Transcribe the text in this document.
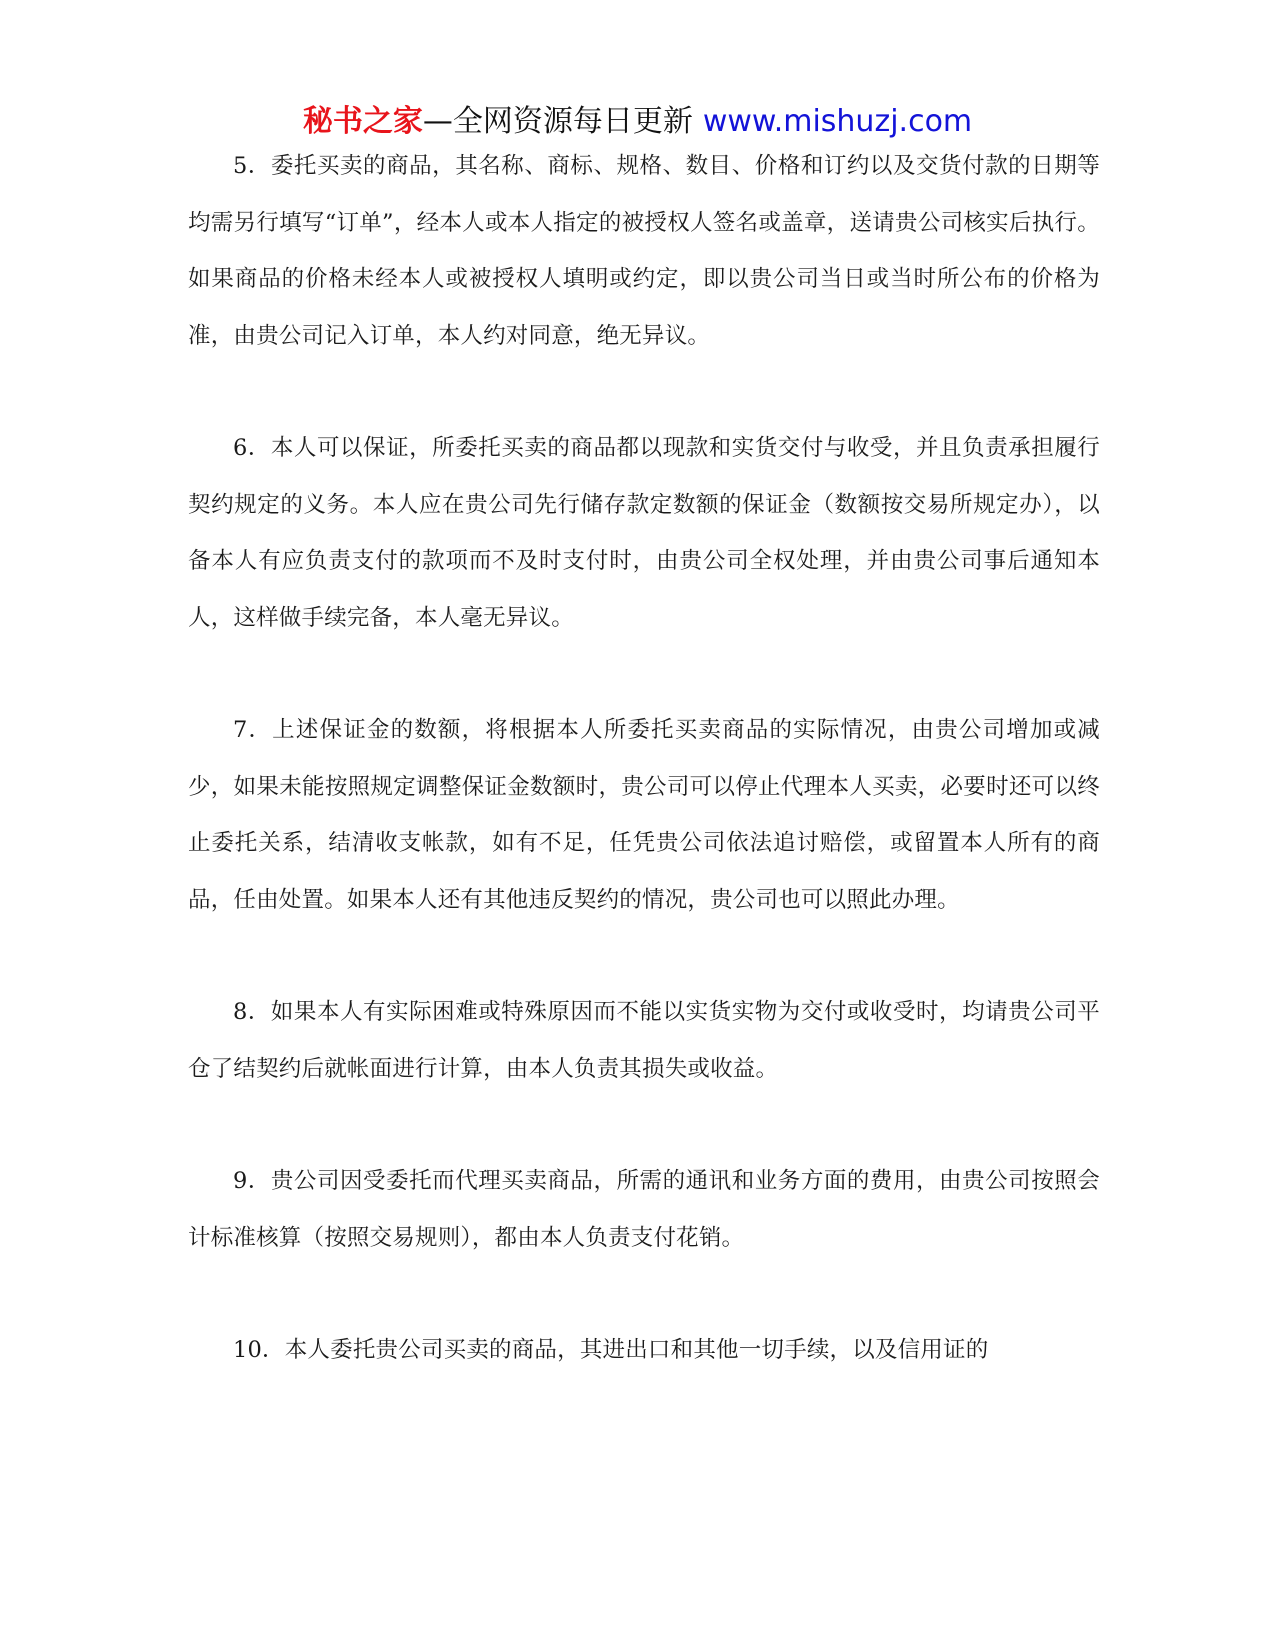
秘书之家—全网资源每日更新 www.mishuzj.com

5．委托买卖的商品，其名称、商标、规格、数目、价格和订约以及交货付款的日期等均需另行填写“订单”，经本人或本人指定的被授权人签名或盖章，送请贵公司核实后执行。如果商品的价格未经本人或被授权人填明或约定，即以贵公司当日或当时所公布的价格为准，由贵公司记入订单，本人约对同意，绝无异议。

6．本人可以保证，所委托买卖的商品都以现款和实货交付与收受，并且负责承担履行契约规定的义务。本人应在贵公司先行储存款定数额的保证金（数额按交易所规定办），以备本人有应负责支付的款项而不及时支付时，由贵公司全权处理，并由贵公司事后通知本人，这样做手续完备，本人毫无异议。

7．上述保证金的数额，将根据本人所委托买卖商品的实际情况，由贵公司增加或减少，如果未能按照规定调整保证金数额时，贵公司可以停止代理本人买卖，必要时还可以终止委托关系，结清收支帐款，如有不足，任凭贵公司依法追讨赔偿，或留置本人所有的商品，任由处置。如果本人还有其他违反契约的情况，贵公司也可以照此办理。

8．如果本人有实际困难或特殊原因而不能以实货实物为交付或收受时，均请贵公司平仓了结契约后就帐面进行计算，由本人负责其损失或收益。

9．贵公司因受委托而代理买卖商品，所需的通讯和业务方面的费用，由贵公司按照会计标准核算（按照交易规则），都由本人负责支付花销。

10．本人委托贵公司买卖的商品，其进出口和其他一切手续，以及信用证的
